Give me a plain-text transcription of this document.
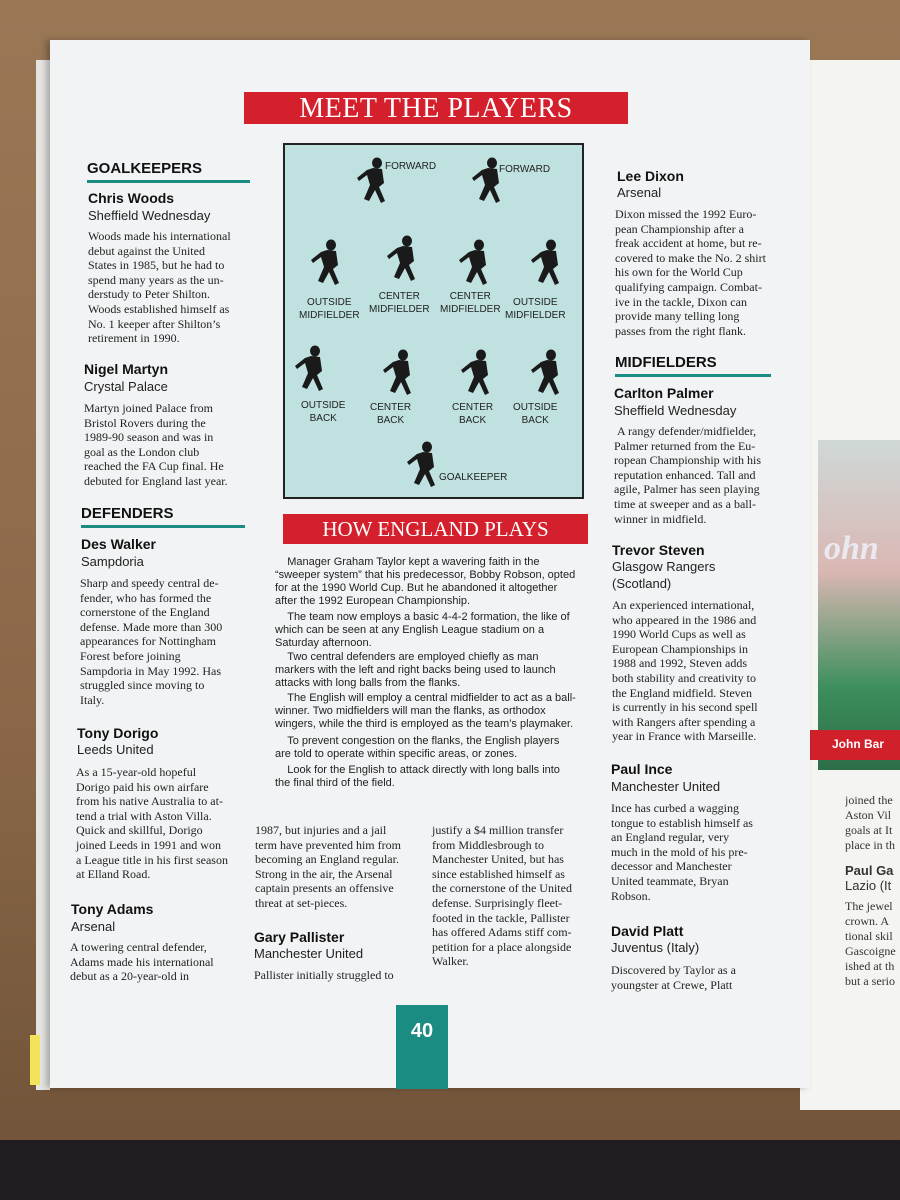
ohn
John Bar
joined the
Aston Vil
goals at It
place in th
Paul Ga
Lazio (It
The jewel
crown. A
tional skil
Gascoigne
ished at th
but a serio
MEET THE PLAYERS
GOALKEEPERS
Chris Woods
Sheffield Wednesday
Woods made his international
debut against the United
States in 1985, but he had to
spend many years as the un-
derstudy to Peter Shilton.
Woods established himself as
No. 1 keeper after Shilton’s
retirement in 1990.
Nigel Martyn
Crystal Palace
Martyn joined Palace from
Bristol Rovers during the
1989-90 season and was in
goal as the London club
reached the FA Cup final. He
debuted for England last year.
DEFENDERS
Des Walker
Sampdoria
Sharp and speedy central de-
fender, who has formed the
cornerstone of the England
defense. Made more than 300
appearances for Nottingham
Forest before joining
Sampdoria in May 1992. Has
struggled since moving to
Italy.
Tony Dorigo
Leeds United
As a 15-year-old hopeful
Dorigo paid his own airfare
from his native Australia to at-
tend a trial with Aston Villa.
Quick and skillful, Dorigo
joined Leeds in 1991 and won
a League title in his first season
at Elland Road.
Tony Adams
Arsenal
A towering central defender,
Adams made his international
debut as a 20-year-old in
FORWARD	FORWARD
OUTSIDE
MIDFIELDER
CENTER
MIDFIELDER
CENTER
MIDFIELDER
OUTSIDE
MIDFIELDER
OUTSIDE
BACK
CENTER
BACK
CENTER
BACK
OUTSIDE
BACK
GOALKEEPER
HOW ENGLAND PLAYS

Manager Graham Taylor kept a wavering faith in the “sweeper system” that his predecessor, Bobby Robson, opted for at the 1990 World Cup. But he abandoned it altogether after the 1992 European Championship.

The team now employs a basic 4-4-2 formation, the like of which can be seen at any English League stadium on a Saturday afternoon.

Two central defenders are employed chiefly as man markers with the left and right backs being used to launch attacks with long balls from the flanks.

The English will employ a central midfielder to act as a ball-winner. Two midfielders will man the flanks, as orthodox wingers, while the third is employed as the team’s playmaker.

To prevent congestion on the flanks, the English players are told to operate within specific areas, or zones.

Look for the English to attack directly with long balls into the final third of the field.

1987, but injuries and a jail
term have prevented him from
becoming an England regular.
Strong in the air, the Arsenal
captain presents an offensive
threat at set-pieces.
Gary Pallister
Manchester United
Pallister initially struggled to
justify a $4 million transfer
from Middlesbrough to
Manchester United, but has
since established himself as
the cornerstone of the United
defense. Surprisingly fleet-
footed in the tackle, Pallister
has offered Adams stiff com-
petition for a place alongside
Walker.
Lee Dixon
Arsenal
Dixon missed the 1992 Euro-
pean Championship after a
freak accident at home, but re-
covered to make the No. 2 shirt
his own for the World Cup
qualifying campaign. Combat-
ive in the tackle, Dixon can
provide many telling long
passes from the right flank.
MIDFIELDERS
Carlton Palmer
Sheffield Wednesday
A rangy defender/midfielder,
Palmer returned from the Eu-
ropean Championship with his
reputation enhanced. Tall and
agile, Palmer has seen playing
time at sweeper and as a ball-
winner in midfield.
Trevor Steven
Glasgow Rangers
(Scotland)
An experienced international,
who appeared in the 1986 and
1990 World Cups as well as
European Championships in
1988 and 1992, Steven adds
both stability and creativity to
the England midfield. Steven
is currently in his second spell
with Rangers after spending a
year in France with Marseille.
Paul Ince
Manchester United
Ince has curbed a wagging
tongue to establish himself as
an England regular, very
much in the mold of his pre-
decessor and Manchester
United teammate, Bryan
Robson.
David Platt
Juventus (Italy)
Discovered by Taylor as a
youngster at Crewe, Platt
40
